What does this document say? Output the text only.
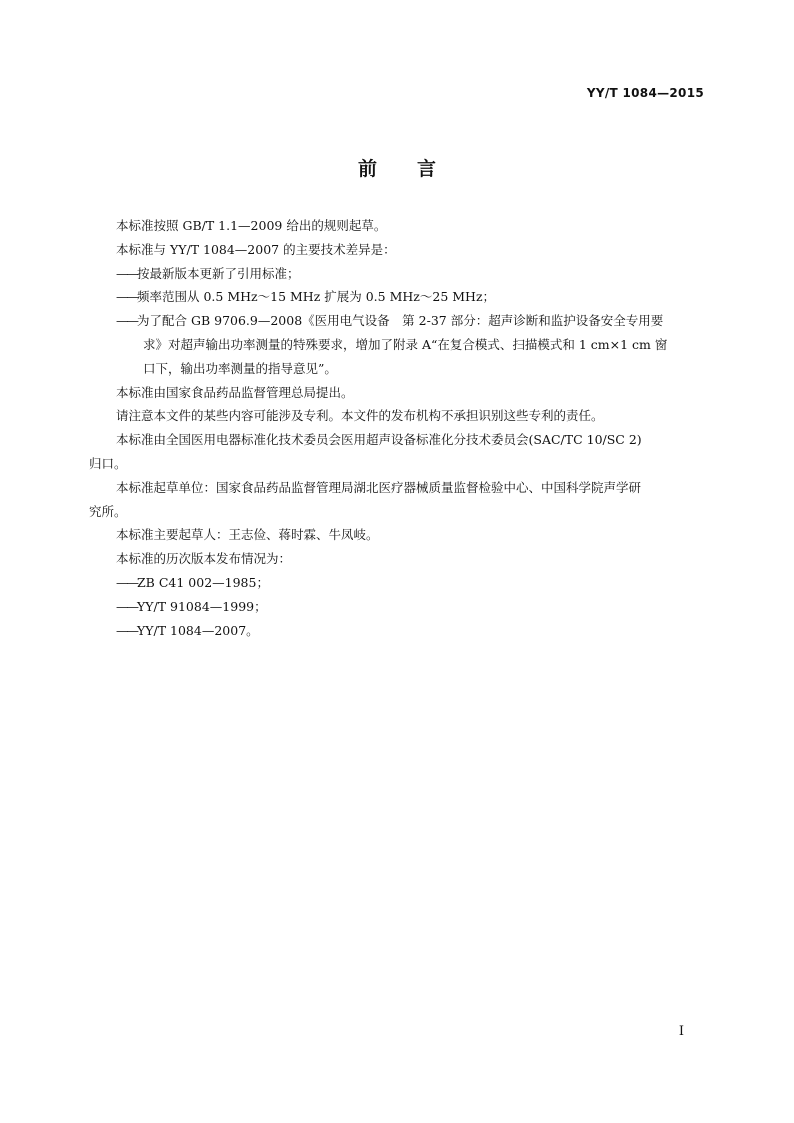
YY/T 1084—2015
前 言

本标准按照 GB/T 1.1—2009 给出的规则起草。

本标准与 YY/T 1084—2007 的主要技术差异是：

——按最新版本更新了引用标准；

——频率范围从 0.5 MHz～15 MHz 扩展为 0.5 MHz～25 MHz；

——为了配合 GB 9706.9—2008《医用电气设备　第 2-37 部分：超声诊断和监护设备安全专用要

求》对超声输出功率测量的特殊要求，增加了附录 A“在复合模式、扫描模式和 1 cm×1 cm 窗

口下，输出功率测量的指导意见”。

本标准由国家食品药品监督管理总局提出。

请注意本文件的某些内容可能涉及专利。本文件的发布机构不承担识别这些专利的责任。

本标准由全国医用电器标准化技术委员会医用超声设备标准化分技术委员会(SAC/TC 10/SC 2)

归口。

本标准起草单位：国家食品药品监督管理局湖北医疗器械质量监督检验中心、中国科学院声学研

究所。

本标准主要起草人：王志俭、蒋时霖、牛凤岐。

本标准的历次版本发布情况为：

——ZB C41 002—1985；

——YY/T 91084—1999；

——YY/T 1084—2007。

I
